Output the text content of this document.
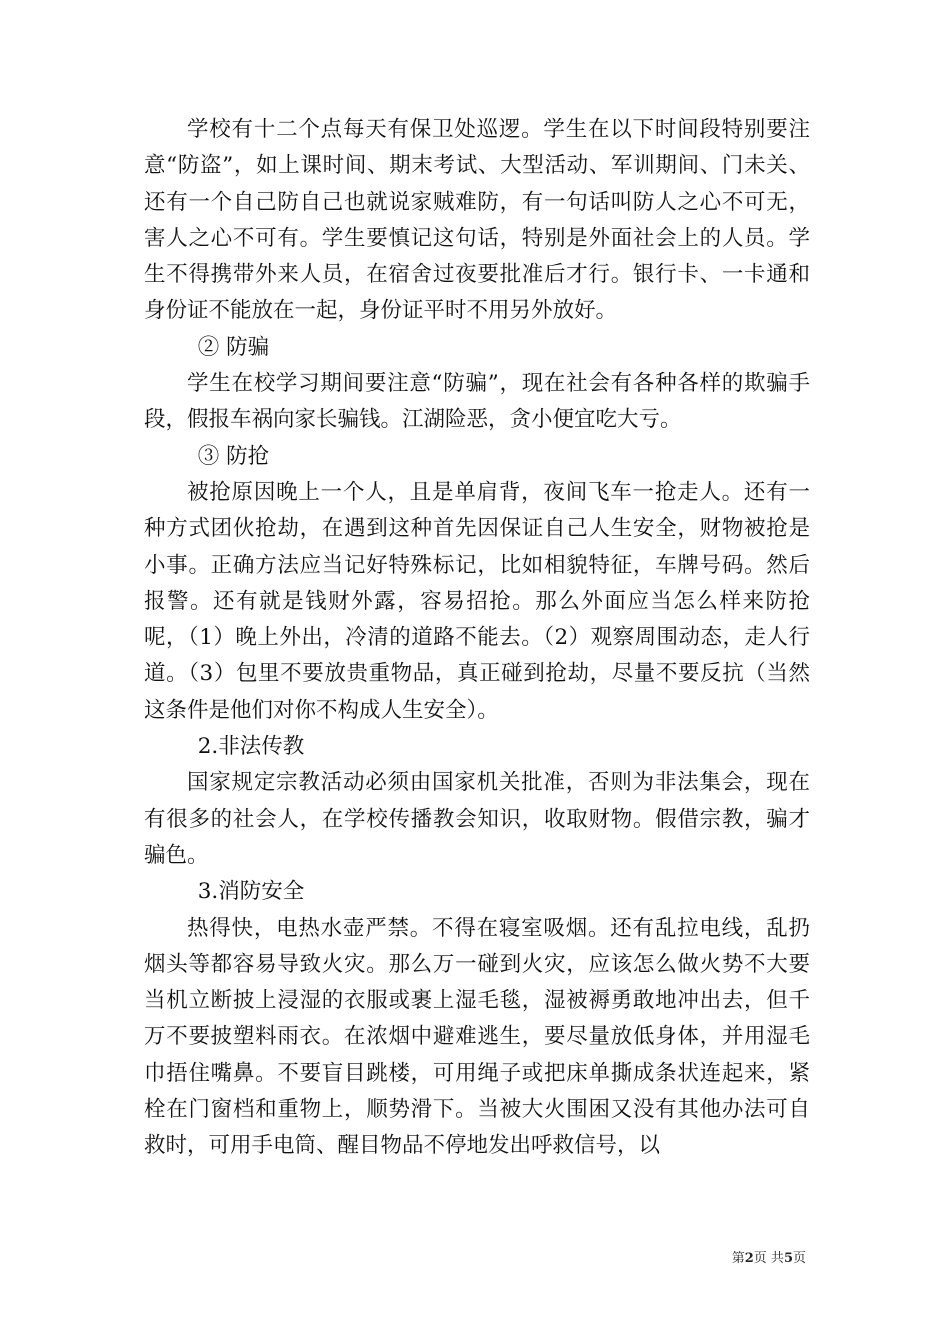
学校有十二个点每天有保卫处巡逻。学生在以下时间段特别要注意“防盗”，如上课时间、期末考试、大型活动、军训期间、门未关、还有一个自己防自己也就说家贼难防，有一句话叫防人之心不可无，害人之心不可有。学生要慎记这句话，特别是外面社会上的人员。学生不得携带外来人员，在宿舍过夜要批准后才行。银行卡、一卡通和身份证不能放在一起，身份证平时不用另外放好。

② 防骗

学生在校学习期间要注意“防骗”，现在社会有各种各样的欺骗手段，假报车祸向家长骗钱。江湖险恶，贪小便宜吃大亏。

③ 防抢

被抢原因晚上一个人，且是单肩背，夜间飞车一抢走人。还有一种方式团伙抢劫，在遇到这种首先因保证自己人生安全，财物被抢是小事。正确方法应当记好特殊标记，比如相貌特征，车牌号码。然后报警。还有就是钱财外露，容易招抢。那么外面应当怎么样来防抢呢，（1）晚上外出，冷清的道路不能去。（2）观察周围动态，走人行道。（3）包里不要放贵重物品，真正碰到抢劫，尽量不要反抗（当然这条件是他们对你不构成人生安全）。

2.非法传教

国家规定宗教活动必须由国家机关批准，否则为非法集会，现在有很多的社会人，在学校传播教会知识，收取财物。假借宗教，骗才骗色。

3.消防安全

热得快，电热水壶严禁。不得在寝室吸烟。还有乱拉电线，乱扔烟头等都容易导致火灾。那么万一碰到火灾，应该怎么做火势不大要当机立断披上浸湿的衣服或裹上湿毛毯，湿被褥勇敢地冲出去，但千万不要披塑料雨衣。在浓烟中避难逃生，要尽量放低身体，并用湿毛巾捂住嘴鼻。不要盲目跳楼，可用绳子或把床单撕成条状连起来，紧栓在门窗档和重物上，顺势滑下。当被大火围困又没有其他办法可自救时，可用手电筒、醒目物品不停地发出呼救信号，以

第2页 共5页
